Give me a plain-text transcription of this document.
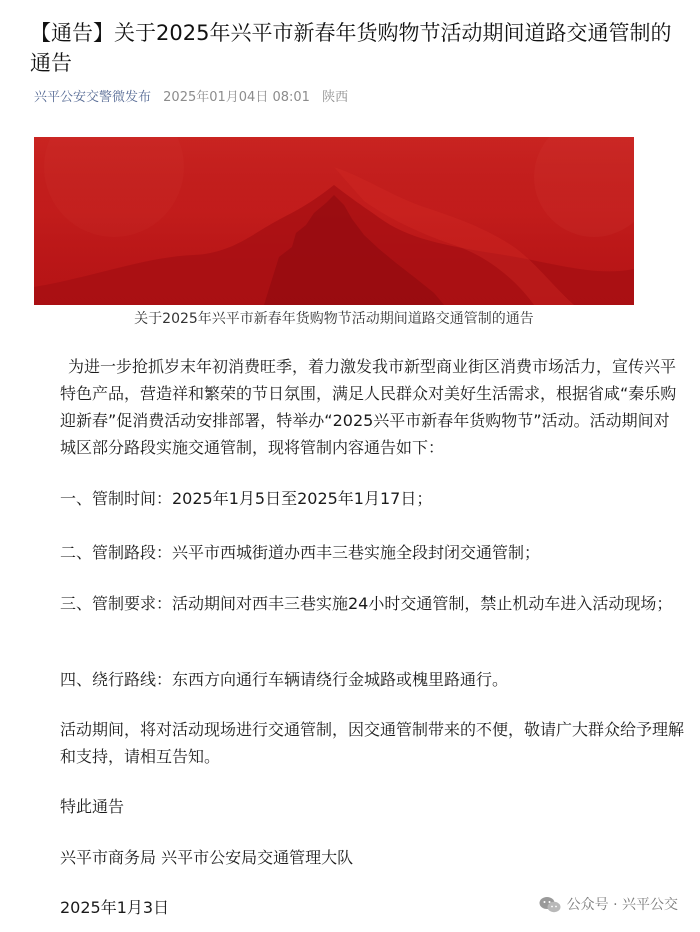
【通告】关于2025年兴平市新春年货购物节活动期间道路交通管制的通告
兴平公安交警微发布 2025年01月04日 08:01 陕西
关于2025年兴平市新春年货购物节活动期间道路交通管制的通告

为进一步抢抓岁末年初消费旺季，着力激发我市新型商业街区消费市场活力，宣传兴平特色产品，营造祥和繁荣的节日氛围，满足人民群众对美好生活需求，根据省咸“秦乐购 迎新春”促消费活动安排部署，特举办“2025兴平市新春年货购物节”活动。活动期间对城区部分路段实施交通管制，现将管制内容通告如下：

一、管制时间：2025年1月5日至2025年1月17日；

二、管制路段：兴平市西城街道办西丰三巷实施全段封闭交通管制；

三、管制要求：活动期间对西丰三巷实施24小时交通管制，禁止机动车进入活动现场；

四、绕行路线：东西方向通行车辆请绕行金城路或槐里路通行。

活动期间，将对活动现场进行交通管制，因交通管制带来的不便，敬请广大群众给予理解和支持，请相互告知。

特此通告

兴平市商务局 兴平市公安局交通管理大队

2025年1月3日	公众号 · 兴平公交
